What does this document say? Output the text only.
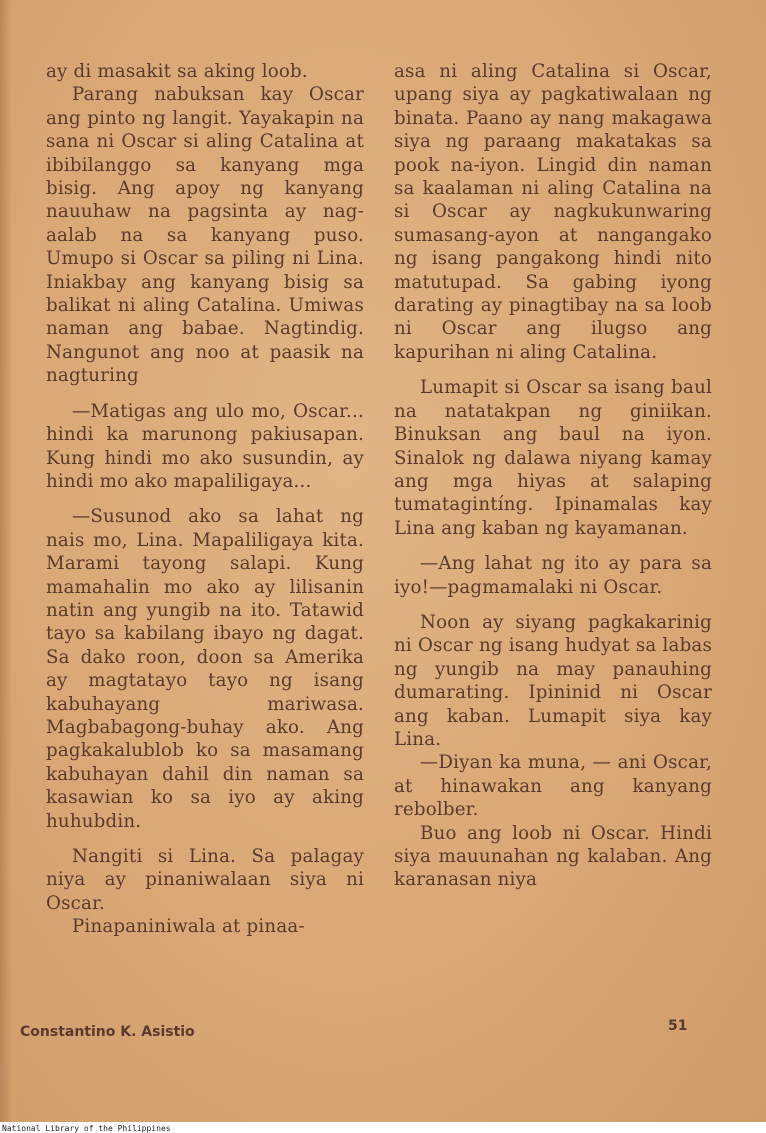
ay di masakit sa aking loob.

Parang nabuksan kay Oscar ang pinto ng langit. Yayakapin na sana ni Oscar si aling Catalina at ibibilanggo sa kanyang mga bisig. Ang apoy ng kanyang nauuhaw na pagsinta ay nag-aalab na sa kanyang puso. Umupo si Oscar sa piling ni Lina. Iniakbay ang kanyang bisig sa balikat ni aling Catalina. Umiwas naman ang babae. Nagtindig. Nangunot ang noo at paasik na nagturing

—Matigas ang ulo mo, Oscar... hindi ka marunong pakiusapan. Kung hindi mo ako susundin, ay hindi mo ako mapaliligaya...

—Susunod ako sa lahat ng nais mo, Lina. Mapaliligaya kita. Marami tayong salapi. Kung mamahalin mo ako ay lilisanin natin ang yungib na ito. Tatawid tayo sa kabilang ibayo ng dagat. Sa dako roon, doon sa Amerika ay magtatayo tayo ng isang kabuhayang mariwasa. Magbabagong-buhay ako. Ang pagkakalublob ko sa masamang kabuhayan dahil din naman sa kasawian ko sa iyo ay aking huhubdin.

Nangiti si Lina. Sa palagay niya ay pinaniwalaan siya ni Oscar.

Pinapaniniwala at pinaa-

asa ni aling Catalina si Oscar, upang siya ay pagkatiwalaan ng binata. Paano ay nang makagawa siya ng paraang makatakas sa pook na-iyon. Lingid din naman sa kaalaman ni aling Catalina na si Oscar ay nagkukunwaring sumasang-ayon at nangangako ng isang pangakong hindi nito matutupad. Sa gabing iyong darating ay pinagtibay na sa loob ni Oscar ang ilugso ang kapurihan ni aling Catalina.

Lumapit si Oscar sa isang baul na natatakpan ng giniikan. Binuksan ang baul na iyon. Sinalok ng dalawa niyang kamay ang mga hiyas at salaping tumatagintíng. Ipinamalas kay Lina ang kaban ng kayamanan.

—Ang lahat ng ito ay para sa iyo!—pagmamalaki ni Oscar.

Noon ay siyang pagkakarinig ni Oscar ng isang hudyat sa labas ng yungib na may panauhing dumarating. Ipininid ni Oscar ang kaban. Lumapit siya kay Lina.

—Diyan ka muna, — ani Oscar, at hinawakan ang kanyang rebolber.

Buo ang loob ni Oscar. Hindi siya mauunahan ng kalaban. Ang karanasan niya

Constantino K. Asistio	51
National Library of the Philippines
